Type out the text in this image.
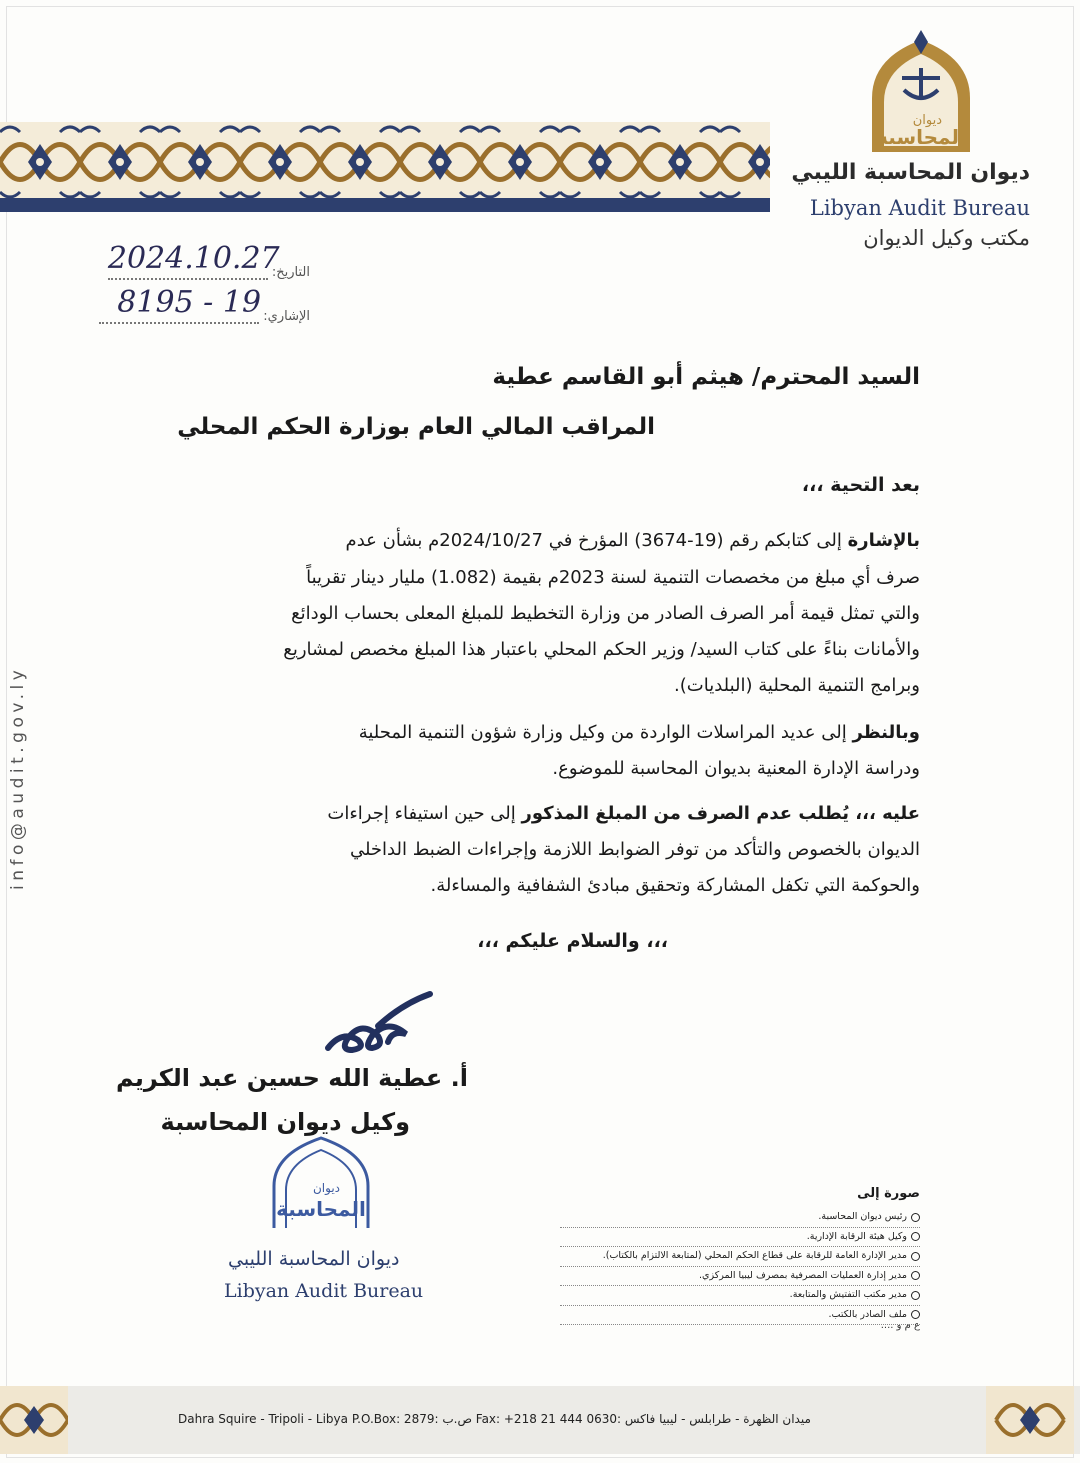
ديوان
المحاسبة
ديوان المحاسبة الليبي
Libyan Audit Bureau
مكتب وكيل الديوان
التاريخ:
2024.10.27
الإشاري:
19 - 8195
info@audit.gov.ly
السيد المحترم/ هيثم أبو القاسم عطية
المراقب المالي العام بوزارة الحكم المحلي
بعد التحية ،،،
بالإشارة إلى كتابكم رقم (19-3674) المؤرخ في 2024/10/27م بشأن عدم
صرف أي مبلغ من مخصصات التنمية لسنة 2023م بقيمة (1.082) مليار دينار تقريباً
والتي تمثل قيمة أمر الصرف الصادر من وزارة التخطيط للمبلغ المعلى بحساب الودائع
والأمانات بناءً على كتاب السيد/ وزير الحكم المحلي باعتبار هذا المبلغ مخصص لمشاريع
وبرامج التنمية المحلية (البلديات).
وبالنظر إلى عديد المراسلات الواردة من وكيل وزارة شؤون التنمية المحلية
ودراسة الإدارة المعنية بديوان المحاسبة للموضوع.
عليه ،،، يُطلب عدم الصرف من المبلغ المذكور إلى حين استيفاء إجراءات
الديوان بالخصوص والتأكد من توفر الضوابط اللازمة وإجراءات الضبط الداخلي
والحوكمة التي تكفل المشاركة وتحقيق مبادئ الشفافية والمساءلة.
،،، والسلام عليكم ،،،
أ. عطية الله حسين عبد الكريم
وكيل ديوان المحاسبة
ديوان
المحاسبة
ديوان المحاسبة الليبي
Libyan Audit Bureau
صورة إلى
رئيس ديوان المحاسبة.
وكيل هيئة الرقابة الإدارية.
مدير الإدارة العامة للرقابة على قطاع الحكم المحلي (لمتابعة الالتزام بالكتاب).
مدير إدارة العمليات المصرفية بمصرف ليبيا المركزي.
مدير مكتب التفتيش والمتابعة.
ملف الصادر بالكتب.
ع م و ....
Dahra Squire - Tripoli - Libya P.O.Box: 2879: ص.ب Fax: +218 21 444 0630: ميدان الظهرة - طرابلس - ليبيا فاكس
